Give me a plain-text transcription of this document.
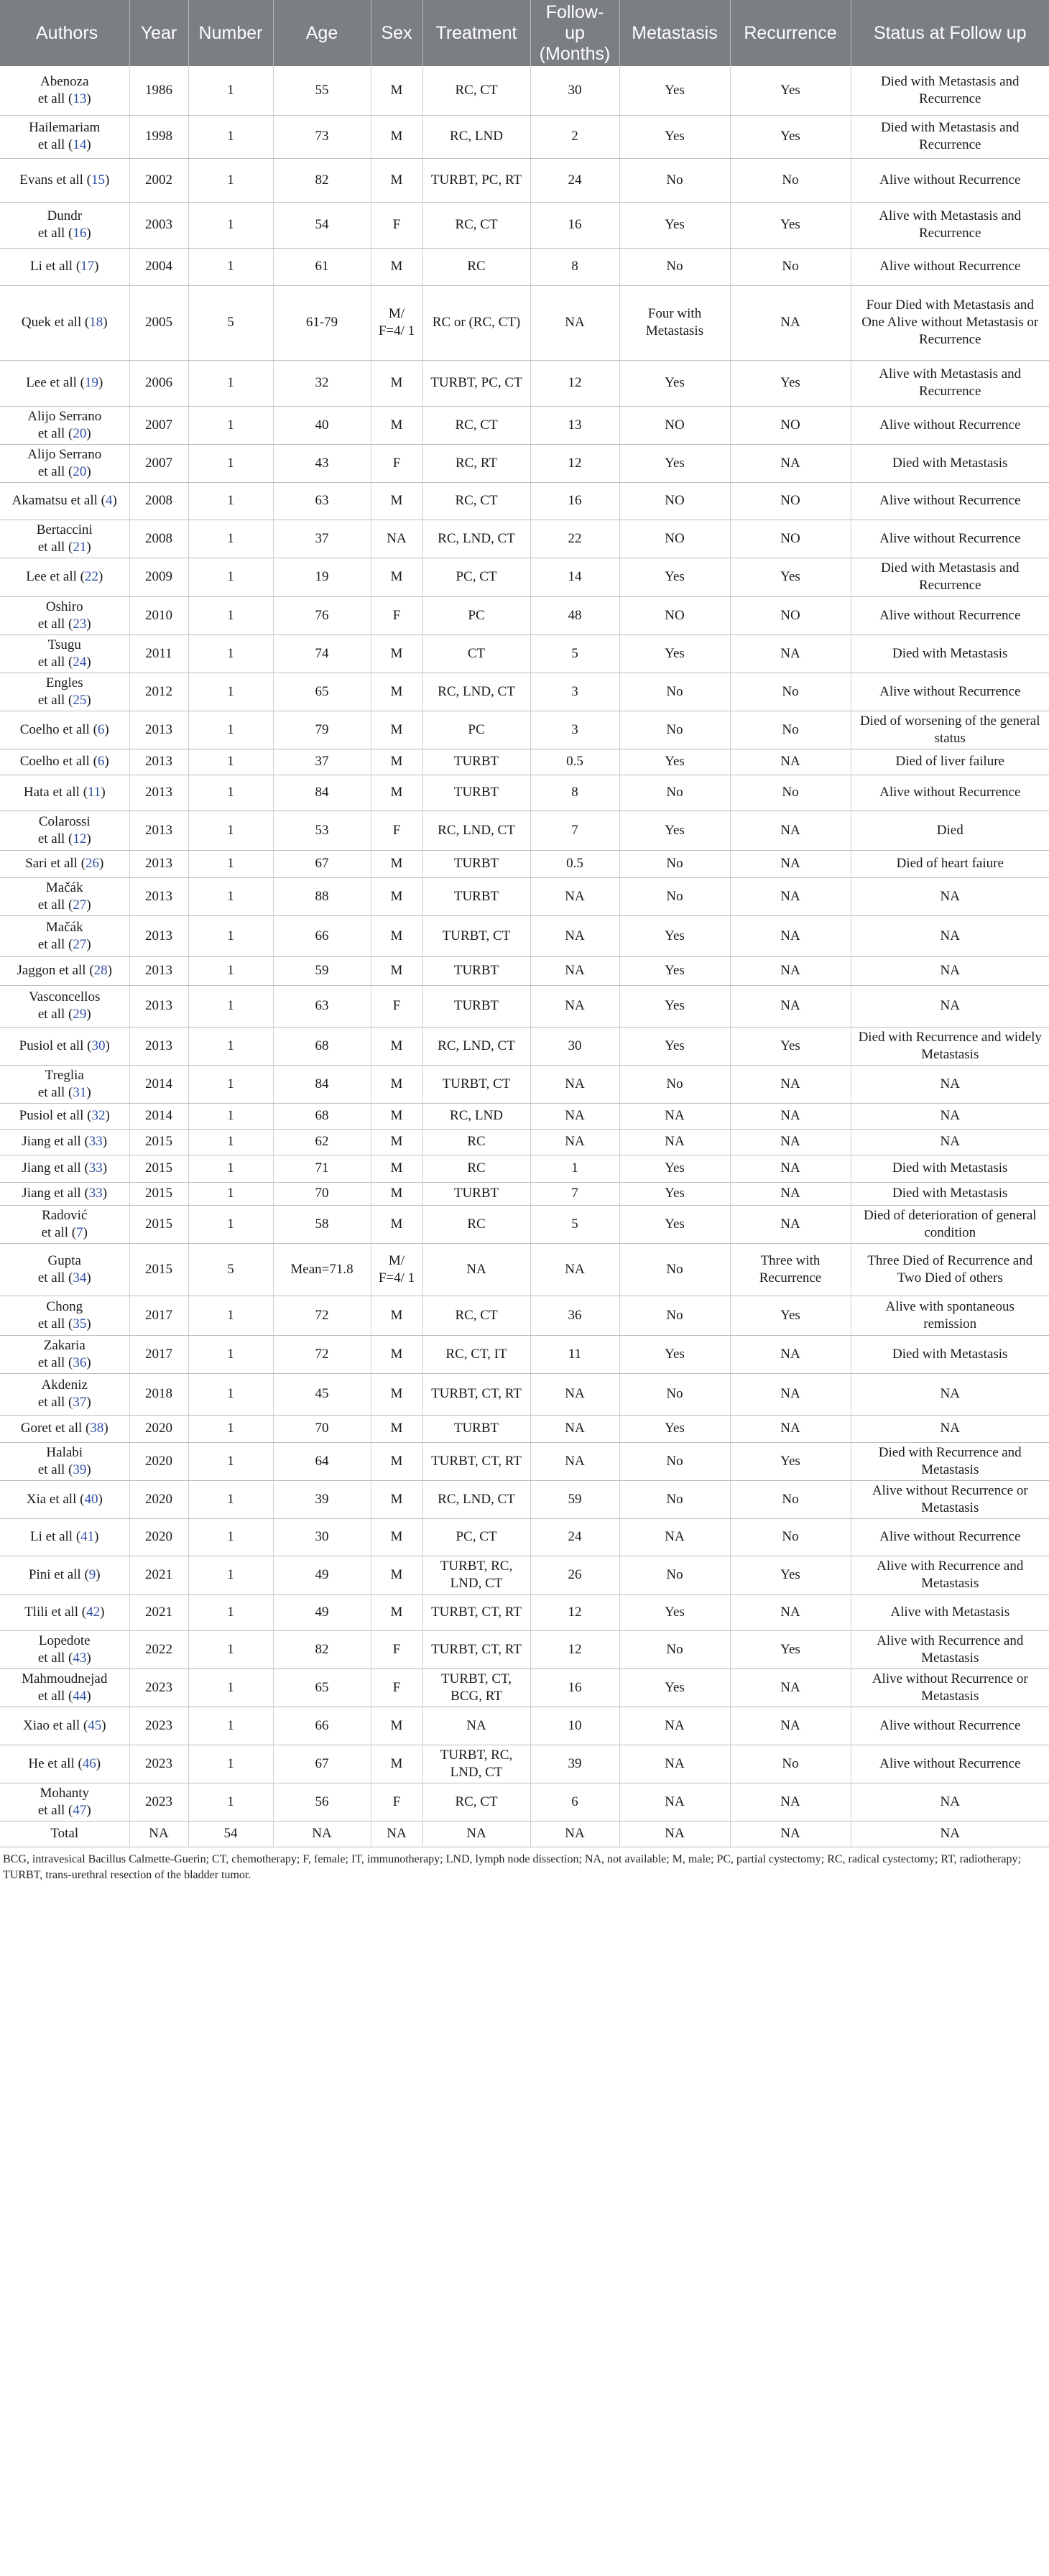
Authors	Year	Number	Age	Sex	Treatment	Follow-up (Months)	Metastasis	Recurrence	Status at Follow up
Abenoza
et all (13)	1986	1	55	M	RC, CT	30	Yes	Yes	Died with Metastasis and Recurrence
Hailemariam
et all (14)	1998	1	73	M	RC, LND	2	Yes	Yes	Died with Metastasis and Recurrence
Evans et all (15)	2002	1	82	M	TURBT, PC, RT	24	No	No	Alive without Recurrence
Dundr
et all (16)	2003	1	54	F	RC, CT	16	Yes	Yes	Alive with Metastasis and Recurrence
Li et all (17)	2004	1	61	M	RC	8	No	No	Alive without Recurrence
Quek et all (18)	2005	5	61-79	M/ F=4/ 1	RC or (RC, CT)	NA	Four with Metastasis	NA	Four Died with Metastasis and One Alive without Metastasis or Recurrence
Lee et all (19)	2006	1	32	M	TURBT, PC, CT	12	Yes	Yes	Alive with Metastasis and Recurrence
Alijo Serrano
et all (20)	2007	1	40	M	RC, CT	13	NO	NO	Alive without Recurrence
Alijo Serrano
et all (20)	2007	1	43	F	RC, RT	12	Yes	NA	Died with Metastasis
Akamatsu et all (4)	2008	1	63	M	RC, CT	16	NO	NO	Alive without Recurrence
Bertaccini
et all (21)	2008	1	37	NA	RC, LND, CT	22	NO	NO	Alive without Recurrence
Lee et all (22)	2009	1	19	M	PC, CT	14	Yes	Yes	Died with Metastasis and Recurrence
Oshiro
et all (23)	2010	1	76	F	PC	48	NO	NO	Alive without Recurrence
Tsugu
et all (24)	2011	1	74	M	CT	5	Yes	NA	Died with Metastasis
Engles
et all (25)	2012	1	65	M	RC, LND, CT	3	No	No	Alive without Recurrence
Coelho et all (6)	2013	1	79	M	PC	3	No	No	Died of worsening of the general status
Coelho et all (6)	2013	1	37	M	TURBT	0.5	Yes	NA	Died of liver failure
Hata et all (11)	2013	1	84	M	TURBT	8	No	No	Alive without Recurrence
Colarossi
et all (12)	2013	1	53	F	RC, LND, CT	7	Yes	NA	Died
Sari et all (26)	2013	1	67	M	TURBT	0.5	No	NA	Died of heart faiure
Mačák
et all (27)	2013	1	88	M	TURBT	NA	No	NA	NA
Mačák
et all (27)	2013	1	66	M	TURBT, CT	NA	Yes	NA	NA
Jaggon et all (28)	2013	1	59	M	TURBT	NA	Yes	NA	NA
Vasconcellos
et all (29)	2013	1	63	F	TURBT	NA	Yes	NA	NA
Pusiol et all (30)	2013	1	68	M	RC, LND, CT	30	Yes	Yes	Died with Recurrence and widely Metastasis
Treglia
et all (31)	2014	1	84	M	TURBT, CT	NA	No	NA	NA
Pusiol et all (32)	2014	1	68	M	RC, LND	NA	NA	NA	NA
Jiang et all (33)	2015	1	62	M	RC	NA	NA	NA	NA
Jiang et all (33)	2015	1	71	M	RC	1	Yes	NA	Died with Metastasis
Jiang et all (33)	2015	1	70	M	TURBT	7	Yes	NA	Died with Metastasis
Radović
et all (7)	2015	1	58	M	RC	5	Yes	NA	Died of deterioration of general condition
Gupta
et all (34)	2015	5	Mean=71.8	M/ F=4/ 1	NA	NA	No	Three with Recurrence	Three Died of Recurrence and Two Died of others
Chong
et all (35)	2017	1	72	M	RC, CT	36	No	Yes	Alive with spontaneous remission
Zakaria
et all (36)	2017	1	72	M	RC, CT, IT	11	Yes	NA	Died with Metastasis
Akdeniz
et all (37)	2018	1	45	M	TURBT, CT, RT	NA	No	NA	NA
Goret et all (38)	2020	1	70	M	TURBT	NA	Yes	NA	NA
Halabi
et all (39)	2020	1	64	M	TURBT, CT, RT	NA	No	Yes	Died with Recurrence and Metastasis
Xia et all (40)	2020	1	39	M	RC, LND, CT	59	No	No	Alive without Recurrence or Metastasis
Li et all (41)	2020	1	30	M	PC, CT	24	NA	No	Alive without Recurrence
Pini et all (9)	2021	1	49	M	TURBT, RC, LND, CT	26	No	Yes	Alive with Recurrence and Metastasis
Tlili et all (42)	2021	1	49	M	TURBT, CT, RT	12	Yes	NA	Alive with Metastasis
Lopedote
et all (43)	2022	1	82	F	TURBT, CT, RT	12	No	Yes	Alive with Recurrence and Metastasis
Mahmoudnejad
et all (44)	2023	1	65	F	TURBT, CT, BCG, RT	16	Yes	NA	Alive without Recurrence or Metastasis
Xiao et all (45)	2023	1	66	M	NA	10	NA	NA	Alive without Recurrence
He et all (46)	2023	1	67	M	TURBT, RC, LND, CT	39	NA	No	Alive without Recurrence
Mohanty
et all (47)	2023	1	56	F	RC, CT	6	NA	NA	NA
Total	NA	54	NA	NA	NA	NA	NA	NA	NA
BCG, intravesical Bacillus Calmette-Guerin; CT, chemotherapy; F, female; IT, immunotherapy; LND, lymph node dissection; NA, not available; M, male; PC, partial cystectomy; RC, radical cystectomy; RT, radiotherapy; TURBT, trans-urethral resection of the bladder tumor.
